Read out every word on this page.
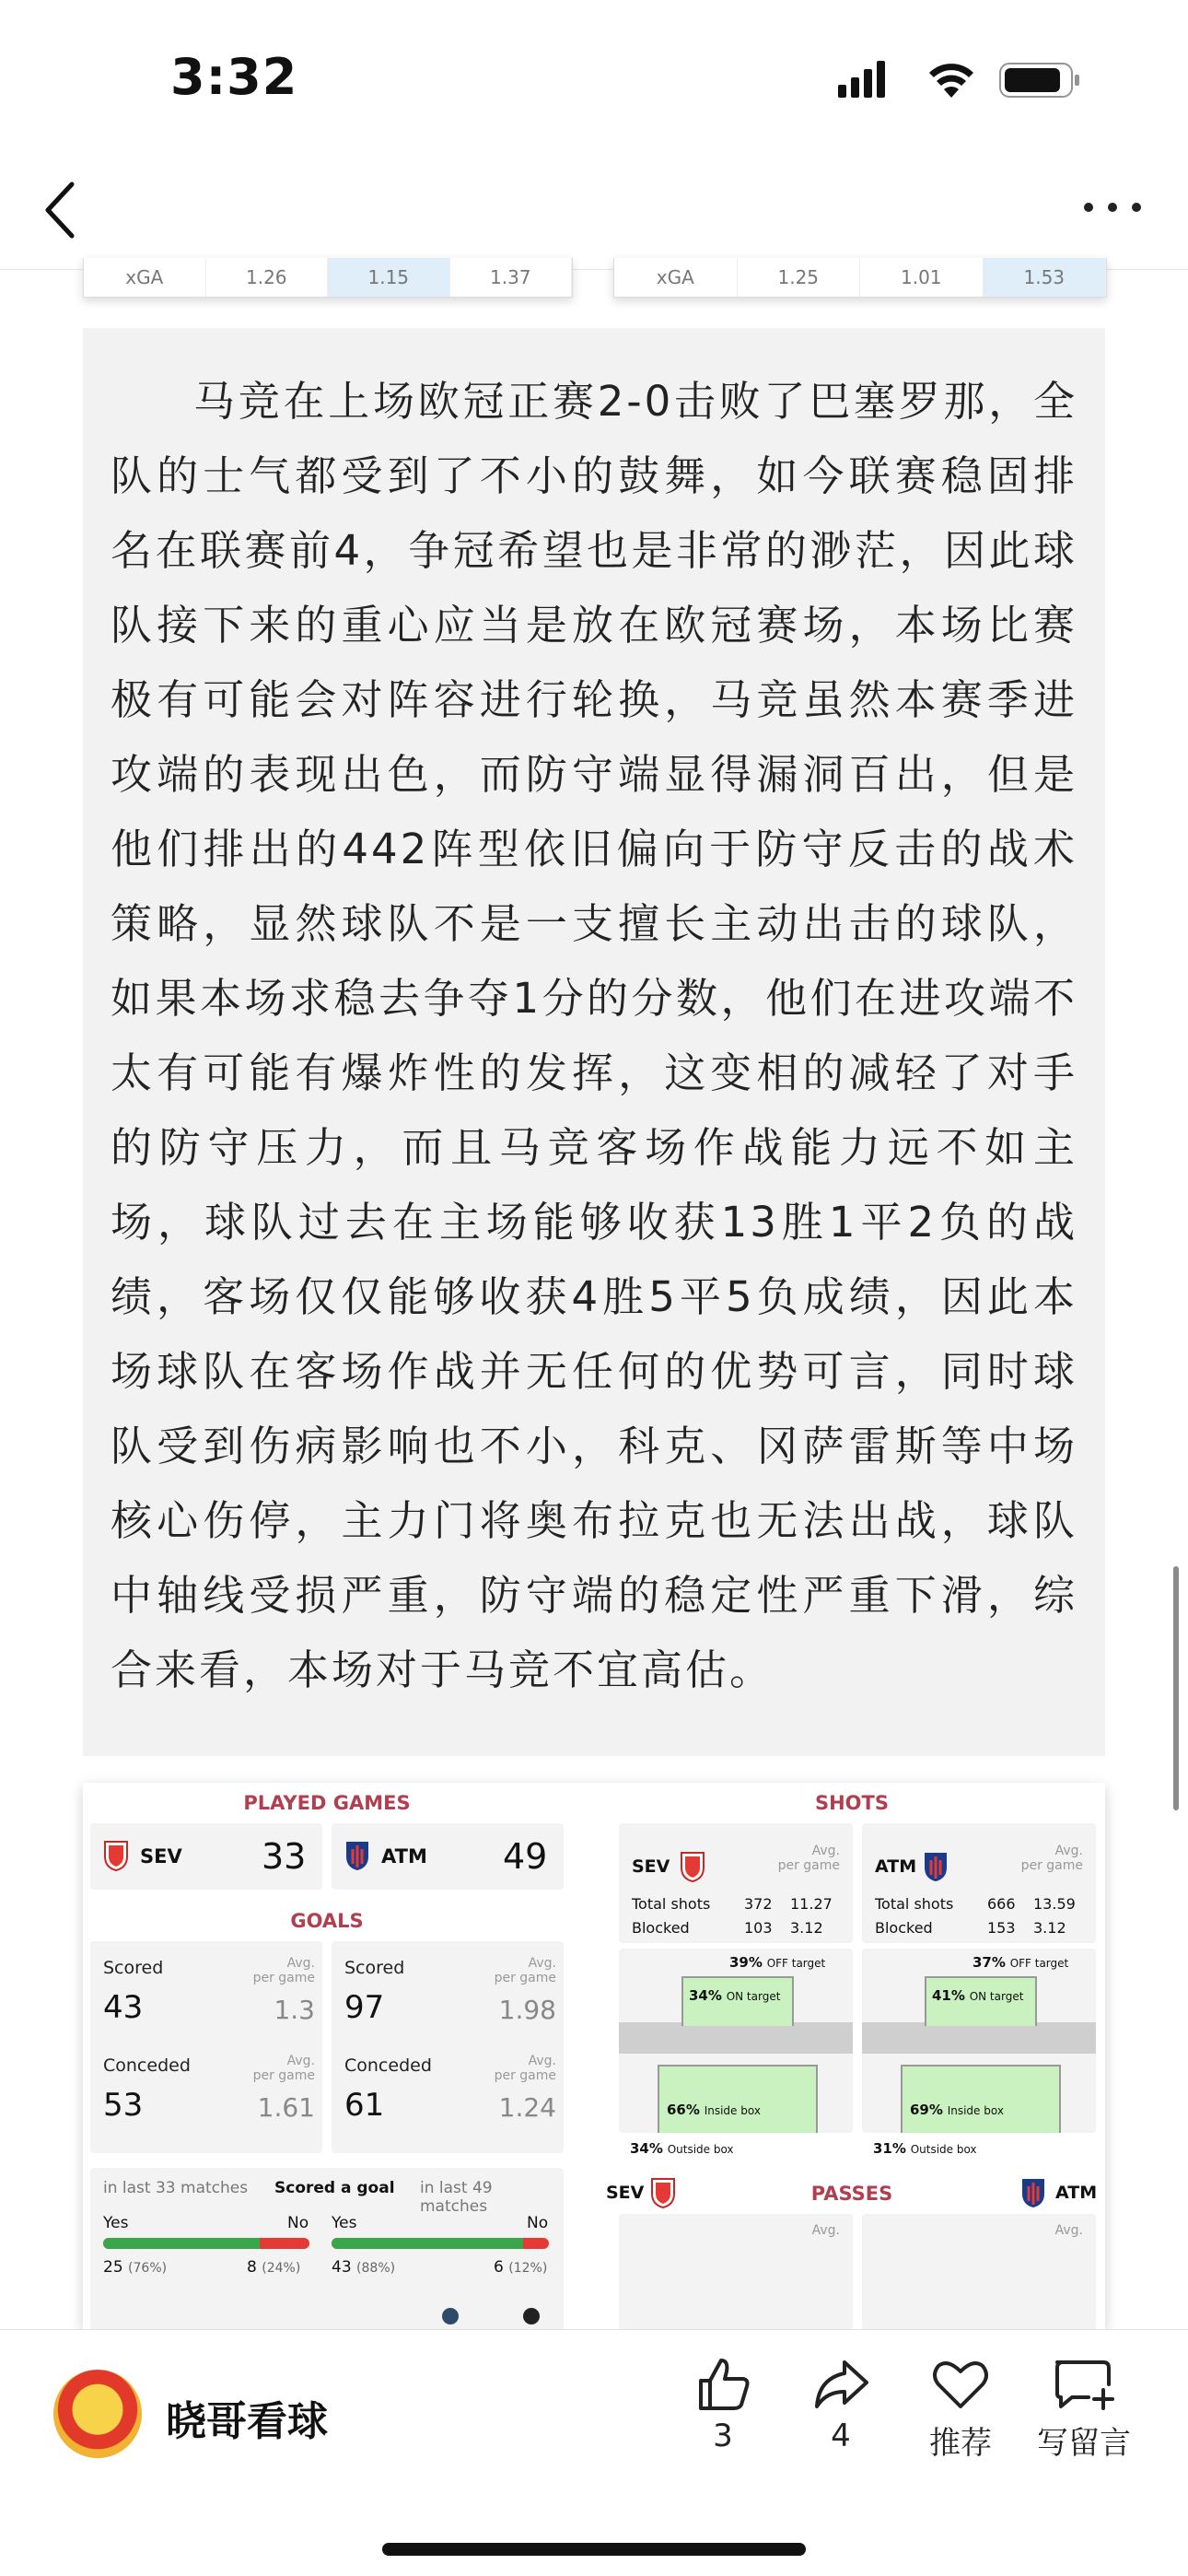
3:32
xGA	1.26	1.15	1.37	xGA	1.25	1.01	1.53

马竞在上场欧冠正赛2-0击败了巴塞罗那，全队的士气都受到了不小的鼓舞，如今联赛稳固排名在联赛前4，争冠希望也是非常的渺茫，因此球队接下来的重心应当是放在欧冠赛场，本场比赛极有可能会对阵容进行轮换，马竞虽然本赛季进攻端的表现出色，而防守端显得漏洞百出，但是他们排出的442阵型依旧偏向于防守反击的战术策略，显然球队不是一支擅长主动出击的球队，如果本场求稳去争夺1分的分数，他们在进攻端不太有可能有爆炸性的发挥，这变相的减轻了对手的防守压力，而且马竞客场作战能力远不如主场，球队过去在主场能够收获13胜1平2负的战绩，客场仅仅能够收获4胜5平5负成绩，因此本场球队在客场作战并无任何的优势可言，同时球队受到伤病影响也不小，科克、冈萨雷斯等中场核心伤停，主力门将奥布拉克也无法出战，球队中轴线受损严重，防守端的稳定性严重下滑，综合来看，本场对于马竞不宜高估。

PLAYED GAMES
SEV 33	ATM 49
GOALS
Scored	Avg.
per game
43	1.3
Conceded	Avg.
per game
53	1.61
Scored	Avg.
per game
97	1.98
Conceded	Avg.
per game
61	1.24
in last 33 matches Scored a goal in last 49 matches
Yes	No
25 (76%)	8 (24%)
Yes	No
43 (88%)	6 (12%)
SHOTS
SEV
Avg.
per game
Total shots 372 11.27
Blocked	103 3.12
ATM
Avg.
per game
Total shots 666 13.59
Blocked	153 3.12
39% OFF target
34% ON target
66% Inside box
34% Outside box
37% OFF target
41% ON target
69% Inside box
31% Outside box
SEV	PASSES	ATM
Avg.	Avg.
晓哥看球	3	4	推荐	写留言
